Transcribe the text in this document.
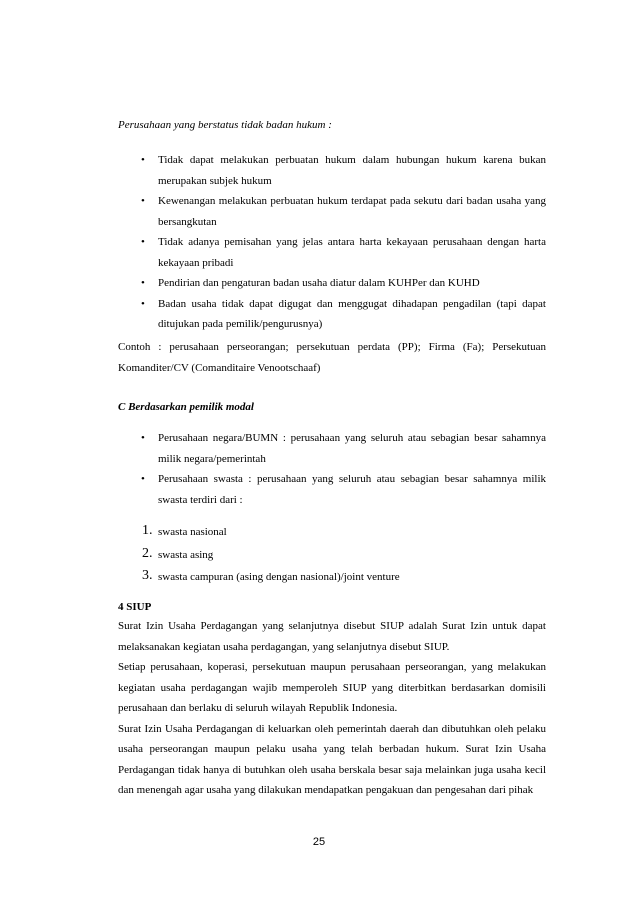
Perusahaan yang berstatus tidak badan hukum :
• Tidak dapat melakukan perbuatan hukum dalam hubungan hukum karena bukan merupakan subjek hukum
• Kewenangan melakukan perbuatan hukum terdapat pada sekutu dari badan usaha yang bersangkutan
• Tidak adanya pemisahan yang jelas antara harta kekayaan perusahaan dengan harta kekayaan pribadi
• Pendirian dan pengaturan badan usaha diatur dalam KUHPer dan KUHD
• Badan usaha tidak dapat digugat dan menggugat dihadapan pengadilan (tapi dapat ditujukan pada pemilik/pengurusnya)
Contoh : perusahaan perseorangan; persekutuan perdata (PP); Firma (Fa); Persekutuan Komanditer/CV (Comanditaire Venootschaaf)
C Berdasarkan pemilik modal
• Perusahaan negara/BUMN : perusahaan yang seluruh atau sebagian besar sahamnya milik negara/pemerintah
• Perusahaan swasta : perusahaan yang seluruh atau sebagian besar sahamnya milik swasta terdiri dari :
1. swasta nasional
2. swasta asing
3. swasta campuran (asing dengan nasional)/joint venture
4 SIUP
Surat Izin Usaha Perdagangan yang selanjutnya disebut SIUP adalah Surat Izin untuk dapat melaksanakan kegiatan usaha perdagangan, yang selanjutnya disebut SIUP.
Setiap perusahaan, koperasi, persekutuan maupun perusahaan perseorangan, yang melakukan kegiatan usaha perdagangan wajib memperoleh SIUP yang diterbitkan berdasarkan domisili perusahaan dan berlaku di seluruh wilayah Republik Indonesia.
Surat Izin Usaha Perdagangan di keluarkan oleh pemerintah daerah dan dibutuhkan oleh pelaku usaha perseorangan maupun pelaku usaha yang telah berbadan hukum. Surat Izin Usaha Perdagangan tidak hanya di butuhkan oleh usaha berskala besar saja melainkan juga usaha kecil dan menengah agar usaha yang dilakukan mendapatkan pengakuan dan pengesahan dari pihak
25
